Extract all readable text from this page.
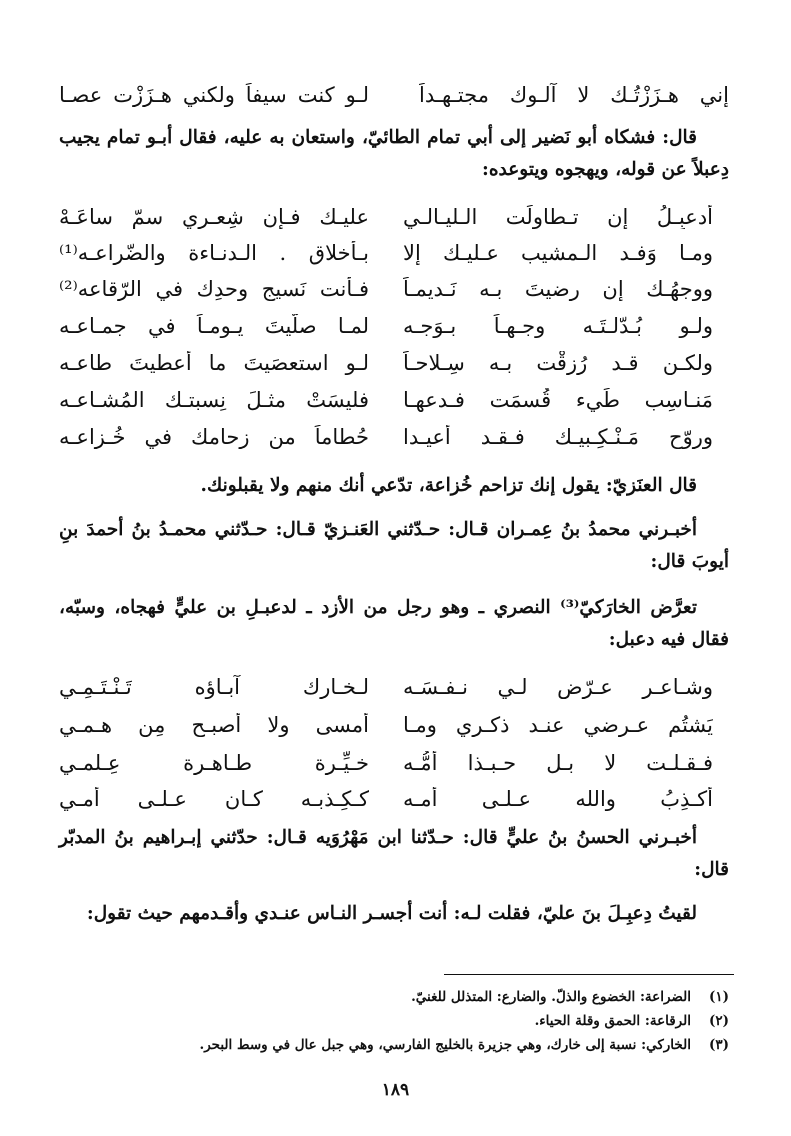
إني هـزَزْتُـك لا آلـوك مجتـهـداً
لـو كنت سيفاً ولكني هـزَزْت عصـا
قال: فشكاه أبو نَضير إلى أبي تمام الطائيّ، واستعان به عليه، فقال أبـو تمام يجيب دِعبلاً عن قوله، ويهجوه ويتوعده:
أدعبِـلُ إن تـطاولَت الـليـالـي
عليـك فـإن شِعـري سمّ ساعَـهْ
ومـا وَفـد الـمشيب عـليـك إلا
بـأخلاق . الـدنـاءة والضّراعـه⁽¹⁾
ووجهُـك إن رضيتَ بـه نَـديمـاً
فـأنت نَسيج وحدِك في الرّقاعه⁽²⁾
ولـو بُـدّلـتَـه وجـهـاً بـوَجـه
لمـا صلَّيتَ يـومـاً في جمـاعـه
ولكـن قـد رُزقْت بـه سِـلاحـاً
لـو استعصَيتَ ما أعطيتَ طاعـه
مَنـاسِب طَيء قُسمَت فـدعهـا
فليسَتْ مثـلَ نِسبتـك المُشـاعـه
وروّح مَـنْـكِـبيـك فـقـد أعيـدا
حُطاماً من زِحامك في خُـزاعـه
قال العنَزيّ: يقول إنك تزاحم خُزاعة، تدّعي أنك منهم ولا يقبلونك.
أخبـرني محمدُ بنُ عِمـران قـال: حـدّثني العَنـزيّ قـال: حـدّثني محمـدُ بنُ أحمدَ بنِ أيوبَ قال:
تعرَّض الخارَكيّ⁽³⁾ النصري ـ وهو رجل من الأزد ـ لدعبـلِ بن عليٍّ فهجاه، وسبّه، فقال فيه دعبل:
وشـاعـرٍ عـرّض لـي نـفـسَـه
لـخـارك آبـاؤه تَـنْـتَـمِـي
يَشتُم عـرضي عنـد ذكـري ومـا
أمسى ولا أصبـح مِن هـمـي
فـقـلـت لا بـل حـبـذا أُمُّـه
خـيِّـرة طـاهـرة عِـلمـي
أكـذِبُ والله عـلـى أمـه
كـكِـذبـه كـان عـلـى أمـي
أخبـرني الحسنُ بنُ عليٍّ قال: حـدّثنا ابن مَهْرُوَيه قـال: حدّثني إبـراهيم بنُ المدبّر قال:
لقيتُ دِعبِـلَ بنَ عليّ، فقلت لـه: أنت أجسـر النـاس عنـدي وأقـدمهم حيث تقول:
(١)الضراعة: الخضوع والذلّ. والضارع: المتذلل للغنيّ.
(٢)الرقاعة: الحمق وقلة الحياء.
(٣)الخاركي: نسبة إلى خارك، وهي جزيرة بالخليج الفارسي، وهي جبل عال في وسط البحر.
١٨٩
